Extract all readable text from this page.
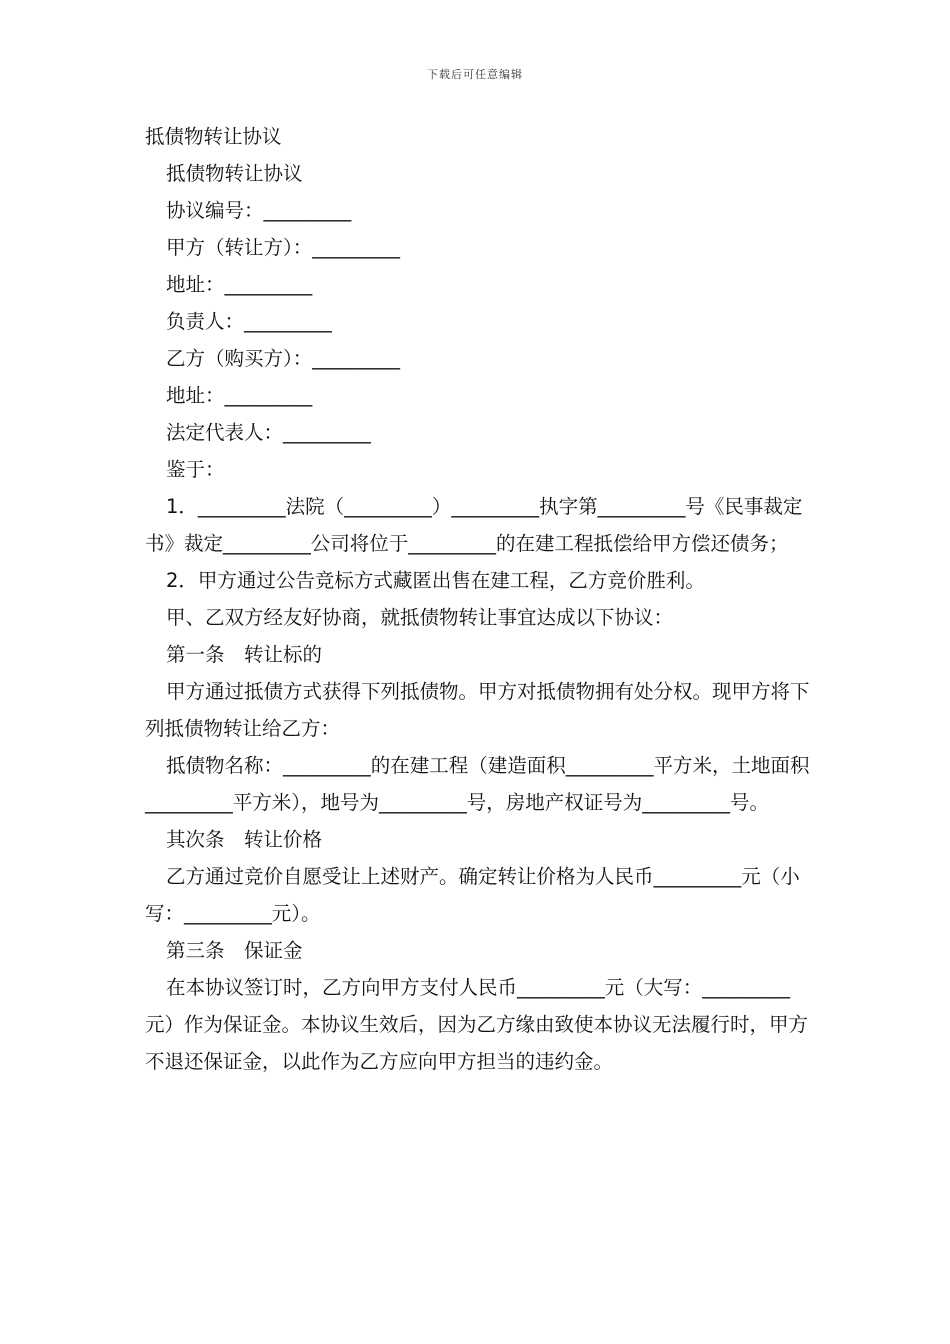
下载后可任意编辑

抵债物转让协议

抵债物转让协议

协议编号：_________

甲方（转让方）：_________

地址：_________

负责人：_________

乙方（购买方）：_________

地址：_________

法定代表人：_________

鉴于：

1．_________法院（_________）_________执字第_________号《民事裁定书》裁定_________公司将位于_________的在建工程抵偿给甲方偿还债务；

2．甲方通过公告竞标方式藏匿出售在建工程，乙方竞价胜利。

甲、乙双方经友好协商，就抵债物转让事宜达成以下协议：

第一条　转让标的

甲方通过抵债方式获得下列抵债物。甲方对抵债物拥有处分权。现甲方将下列抵债物转让给乙方：

抵债物名称：_________的在建工程（建造面积_________平方米，土地面积_________平方米），地号为_________号，房地产权证号为_________号。

其次条　转让价格

乙方通过竞价自愿受让上述财产。确定转让价格为人民币_________元（小写：_________元）。

第三条　保证金

在本协议签订时，乙方向甲方支付人民币_________元（大写：_________元）作为保证金。本协议生效后，因为乙方缘由致使本协议无法履行时，甲方不退还保证金，以此作为乙方应向甲方担当的违约金。
